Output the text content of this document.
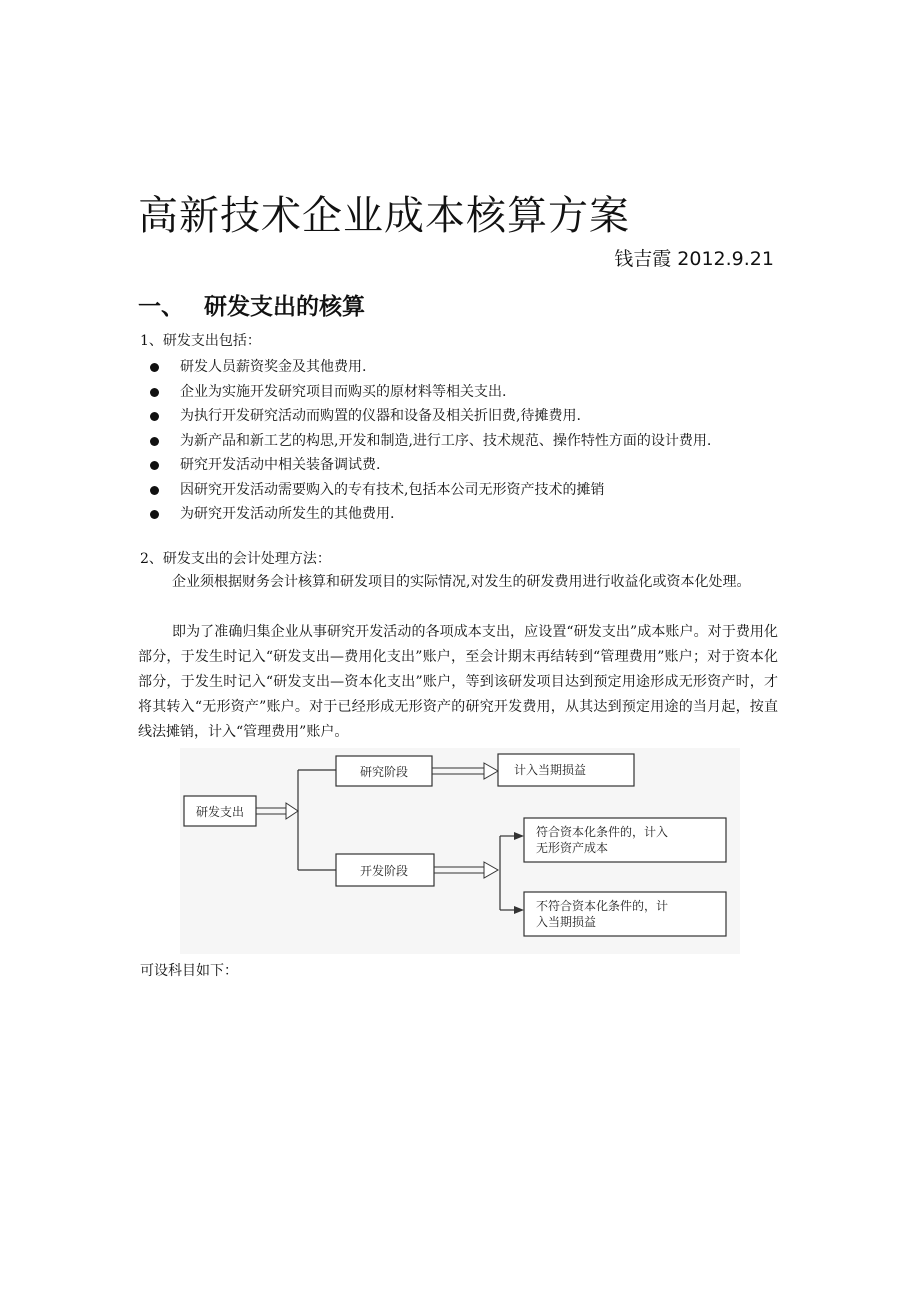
高新技术企业成本核算方案
钱吉霞 2012.9.21
一、 研发支出的核算
1、研发支出包括：
研发人员薪资奖金及其他费用.
企业为实施开发研究项目而购买的原材料等相关支出.
为执行开发研究活动而购置的仪器和设备及相关折旧费,待摊费用.
为新产品和新工艺的构思,开发和制造,进行工序、技术规范、操作特性方面的设计费用.
研究开发活动中相关装备调试费.
因研究开发活动需要购入的专有技术,包括本公司无形资产技术的摊销
为研究开发活动所发生的其他费用.
2、研发支出的会计处理方法：

企业须根据财务会计核算和研发项目的实际情况,对发生的研发费用进行收益化或资本化处理。

即为了准确归集企业从事研究开发活动的各项成本支出，应设置“研发支出”成本账户。对于费用化部分，于发生时记入“研发支出—费用化支出”账户，至会计期末再结转到“管理费用”账户；对于资本化部分，于发生时记入“研发支出—资本化支出”账户，等到该研发项目达到预定用途形成无形资产时，才将其转入“无形资产”账户。对于已经形成无形资产的研究开发费用，从其达到预定用途的当月起，按直线法摊销，计入“管理费用”账户。

研发支出
研究阶段	计入当期损益
开发阶段
符合资本化条件的，计入
无形资产成本
不符合资本化条件的，计
入当期损益
可设科目如下：
